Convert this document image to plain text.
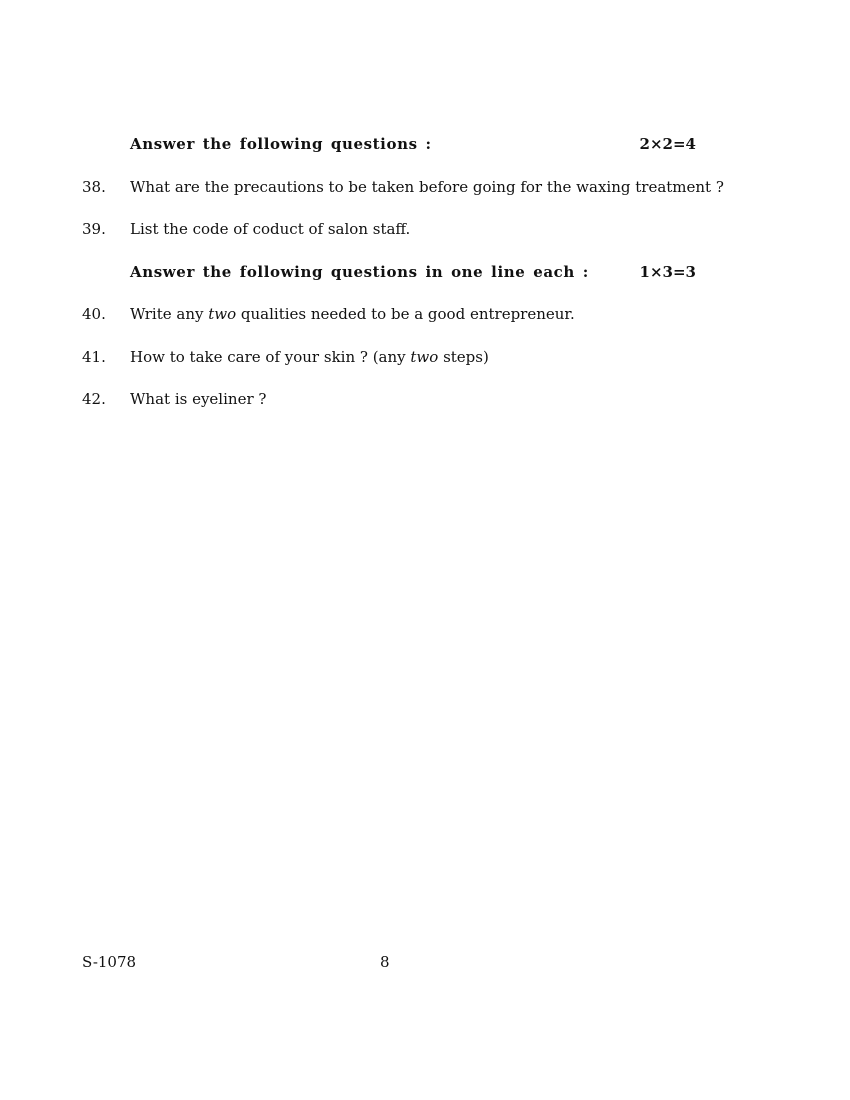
Answer the following questions :	2×2=4
38.	What are the precautions to be taken before going for the waxing treatment ?
39.	List the code of coduct of salon staff.
Answer the following questions in one line each :	1×3=3
40.	Write any two qualities needed to be a good entrepreneur.
41.	How to take care of your skin ? (any two steps)
42.	What is eyeliner ?
S-1078	8
